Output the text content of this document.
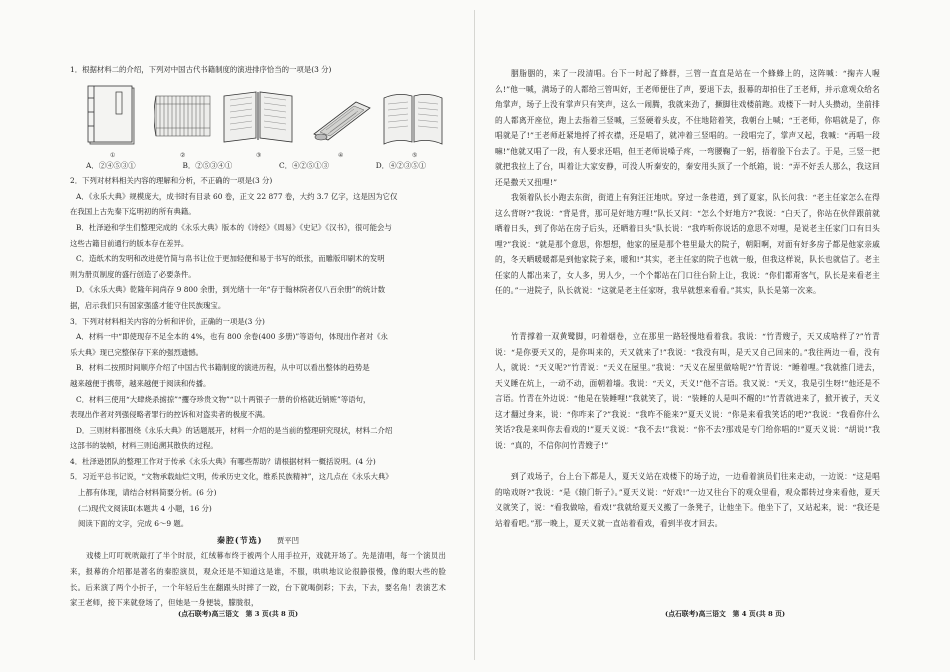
1．根据材料二的介绍，下列对中国古代书籍制度的演进排序恰当的一项是(3 分)

①	②	③	④	⑤
A．②④⑤③①	B．②⑤③④①	C．④②⑤①③	D．④②③⑤①

2．下列对材料相关内容的理解和分析，不正确的一项是(3 分)

A．《永乐大典》规模庞大，成书时有目录 60 卷，正文 22 877 卷，大约 3.7 亿字，这是因为它仅

在我国上古先秦下迄明初的所有典籍。

B．杜泽逊和学生们整理完成的《永乐大典》版本的《诗经》《周易》《史记》《汉书》，很可能会与

这些古籍目前通行的版本存在差异。

C．造纸术的发明和改进使竹简与帛书让位于更加轻便和易于书写的纸张，而雕版印刷术的发明

则为册页制度的盛行创造了必要条件。

D．《永乐大典》乾隆年间尚存 9 800 余册，到光绪十一年“存于翰林院者仅八百余册”的统计数

据，启示我们只有国家强盛才能守住民族瑰宝。

3．下列对材料相关内容的分析和评价，正确的一项是(3 分)

A．材料一中“即使现存不足全本的 4%，也有 800 余卷(400 多册)”等语句，体现出作者对《永

乐大典》现已完整保存下来的强烈遗憾。

B．材料二按照时间顺序介绍了中国古代书籍制度的演进历程，从中可以看出整体的趋势是

越来越便于携带，越来越便于阅读和传播。

C．材料三使用“大肆烧杀掳掠”“攫夺珍贵文物”“以十两银子一册的价格就近销赃”等语句，

表现出作者对列强侵略者罪行的控诉和对盗卖者的极度不满。

D．三则材料都围绕《永乐大典》的话题展开，材料一介绍的是当前的整理研究现状，材料二介绍

这部书的装帧，材料三则追溯其散佚的过程。

4．杜泽逊团队的整理工作对于传承《永乐大典》有哪些帮助？请根据材料一概括说明。(4 分)

5．习近平总书记说，“文物承载灿烂文明，传承历史文化，维系民族精神”，这几点在《永乐大典》

上都有体现，请结合材料简要分析。(6 分)

(二)现代文阅读Ⅱ(本题共 4 小题，16 分)

阅读下面的文字，完成 6～9 题。

秦腔(节选) 贾平凹

戏楼上叮叮咣咣敲打了半个时辰，红绒幕布终于被两个人用手拉开，戏就开场了。先是清唱，每一个演员出来，报幕的介绍都是著名的秦腔演员，观众还是不知道这是谁，不服，哄哄地议论很静很慢，像的眼大些的脸长。后来演了两个小折子，一个年轻后生在翻跟头时摔了一跤，台下就喝倒彩；下去，下去，要名角！表演艺术家王老师，接下来就登场了，但她是一身便装，朦胧很，

(点石联考)高三语文　第 3 页(共 8 页)

胭脂胭的，来了一段清唱。台下一时起了蜂群，三管一直直是站在一个蜂蜂上的，这阵喊：“掬卉人喔么!”他一喊，满场子的人都给三管叫好，王老师便住了声，要退下去，报幕的却拍住了王老师，并示意观众给名角掌声，场子上没有掌声只有笑声，这么一闹腾，我就来劲了，撅脚往戏楼前跑。戏楼下一时人头攒动，坐前排的人都离开座位，跑上去指着三竖喊，三竖硬着头皮，不住地陪着笑，我朝台上喊；“王老师，你唱就是了，你唱就是了!”王老师赶紧地捋了捋衣襟，还是唱了，就冲着三竖唱的。一段唱完了，掌声又起，我喊：“再唱一段嘛!”他就又唱了一段，有人要求还唱，但王老师说嗓子疼，一弯腰鞠了一躬，捂着脸下台去了。于是，三竖一把就把我拉上了台，叫着让大家安静，可没人听秦安的，秦安用头顶了一个纸箱，说：“弄不好丢人那么，我这回还是撒天又扭哩!”

我领着队长小跑去东街，街道上有狗汪汪地吠。穿过一条巷道，到了夏家，队长问我：“老主任家怎么在得这么背呀?”我说：“背是背，那可是好地方哩!”队长又问：“怎么个好地方?”我说：“白天了，你站在伙伴跟前就晒着日头，到了你站在房子后头，还晒着日头”队长说：“我咋听你说话的意思不对哩，是说老主任家门口有日头哩?”我说：“就是那个意思，你想想，他家的屋是那个巷里最大的院子，朝阳啊，对面有好多房子都是他家亲戚的，冬天晒暖暖都是到他家院子来，暖和!”其实，老主任家的院子也就一般，但我这样说，队长也就信了。老主任家的人都出来了，女人多，男人少，一个个都站在门口往台阶上让，我说：“你们都甭客气，队长是来看老主任的。”一进院子，队长就说：“这就是老主任家呀，我早就想来看看。”其实，队长是第一次来。

竹青撑着一双黄鹭脚，叼着烟卷，立在那里一路轻慢地看着我。我说：“竹青嫂子，天又成啥样了?”竹青说：“是你要天又的，是你叫来的，天又就来了!”我说：“我没有叫，是天又自己回来的。”我往两边一看，没有人，就说：“天义呢?”竹青说：“天义在屋里。”我说：“天义在屋里做啥呢?”竹青说：“睡着哩。”我就推门进去，天义睡在炕上，一动不动，面朝着墙。我说：“天义，天义!”他不言语。我又说：“天义，我是引生呀!”他还是不言语。竹青在外边说：“他是在装睡哩!”我就笑了，说：“装睡的人是叫不醒的!”竹青就进来了，掀开被子，天义这才翻过身来，说：“你咋来了?”我说：“我咋不能来?”夏天义说：“你是来看我笑话的吧?”我说：“我看你什么笑话?我是来叫你去看戏的!”夏天义说：“我不去!”我说：“你不去?那戏是专门给你唱的!”夏天义说：“胡说!”我说：“真的，不信你问竹青嫂子!”

到了戏场子，台上台下都是人，夏天义站在戏楼下的场子边，一边看着演员们往来走动，一边说：“这是唱的啥戏呀?”我说：“是《辕门斩子》。”夏天义说：“好戏!”一边又往台下的观众里看，观众都转过身来看他，夏天义就笑了，说：“看我做啥，看戏!”我就给夏天义搬了一条凳子，让他坐下。他坐下了，又站起来，说：“我还是站着看吧。”那一晚上，夏天义就一直站着看戏，看到半夜才回去。

(点石联考)高三语文　第 4 页(共 8 页)
